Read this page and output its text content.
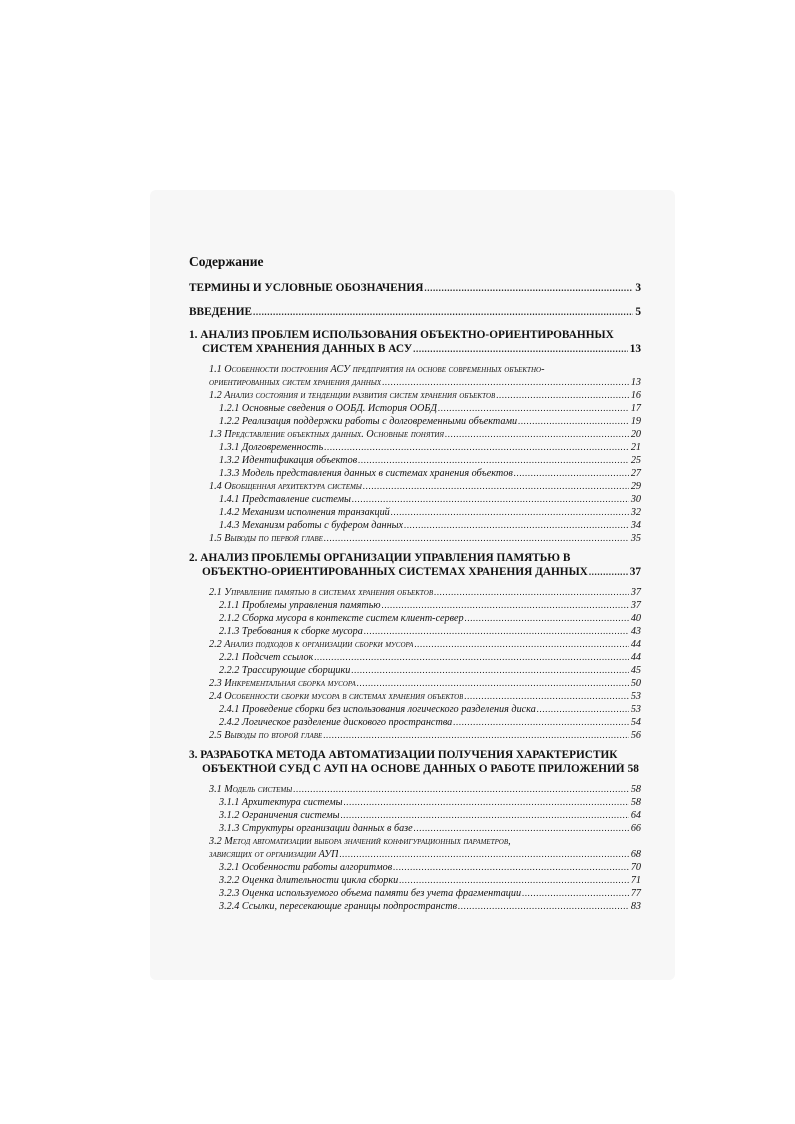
Содержание
ТЕРМИНЫ И УСЛОВНЫЕ ОБОЗНАЧЕНИЯ .....	3
ВВЕДЕНИЕ .....	5
1. АНАЛИЗ ПРОБЛЕМ ИСПОЛЬЗОВАНИЯ ОБЪЕКТНО-ОРИЕНТИРОВАННЫХ
СИСТЕМ ХРАНЕНИЯ ДАННЫХ В АСУ .....	13
1.1 Особенности построения АСУ предприятия на основе современных объектно-
ориентированных систем хранения данных .....	13
1.2 Анализ состояния и тенденции развития систем хранения объектов .....	16
1.2.1 Основные сведения о ООБД. История ООБД .....	17
1.2.2 Реализация поддержки работы с долговременными объектами .....	19
1.3 Представление объектных данных. Основные понятия .....	20
1.3.1 Долговременность .....	21
1.3.2 Идентификация объектов .....	25
1.3.3 Модель представления данных в системах хранения объектов .....	27
1.4 Обобщенная архитектура системы .....	29
1.4.1 Представление системы .....	30
1.4.2 Механизм исполнения транзакций .....	32
1.4.3 Механизм работы с буфером данных .....	34
1.5 Выводы по первой главе .....	35
2. АНАЛИЗ ПРОБЛЕМЫ ОРГАНИЗАЦИИ УПРАВЛЕНИЯ ПАМЯТЬЮ В
ОБЪЕКТНО-ОРИЕНТИРОВАННЫХ СИСТЕМАХ ХРАНЕНИЯ ДАННЫХ .....	37
2.1 Управление памятью в системах хранения объектов .....	37
2.1.1 Проблемы управления памятью .....	37
2.1.2 Сборка мусора в контексте систем клиент-сервер .....	40
2.1.3 Требования к сборке мусора .....	43
2.2 Анализ подходов к организации сборки мусора .....	44
2.2.1 Подсчет ссылок .....	44
2.2.2 Трассирующие сборщики .....	45
2.3 Инкрементальная сборка мусора .....	50
2.4 Особенности сборки мусора в системах хранения объектов .....	53
2.4.1 Проведение сборки без использования логического разделения диска .....	53
2.4.2 Логическое разделение дискового пространства .....	54
2.5 Выводы по второй главе .....	56
3. РАЗРАБОТКА МЕТОДА АВТОМАТИЗАЦИИ ПОЛУЧЕНИЯ ХАРАКТЕРИСТИК
ОБЪЕКТНОЙ СУБД С АУП НА ОСНОВЕ ДАННЫХ О РАБОТЕ ПРИЛОЖЕНИЙ 58
3.1 Модель системы .....	58
3.1.1 Архитектура системы .....	58
3.1.2 Ограничения системы .....	64
3.1.3 Структуры организации данных в базе .....	66
3.2 Метод автоматизации выбора значений конфигурационных параметров,
зависящих от организации АУП .....	68
3.2.1 Особенности работы алгоритмов .....	70
3.2.2 Оценка длительности цикла сборки .....	71
3.2.3 Оценка используемого объема памяти без учета фрагментации .....	77
3.2.4 Ссылки, пересекающие границы подпространств .....	83
